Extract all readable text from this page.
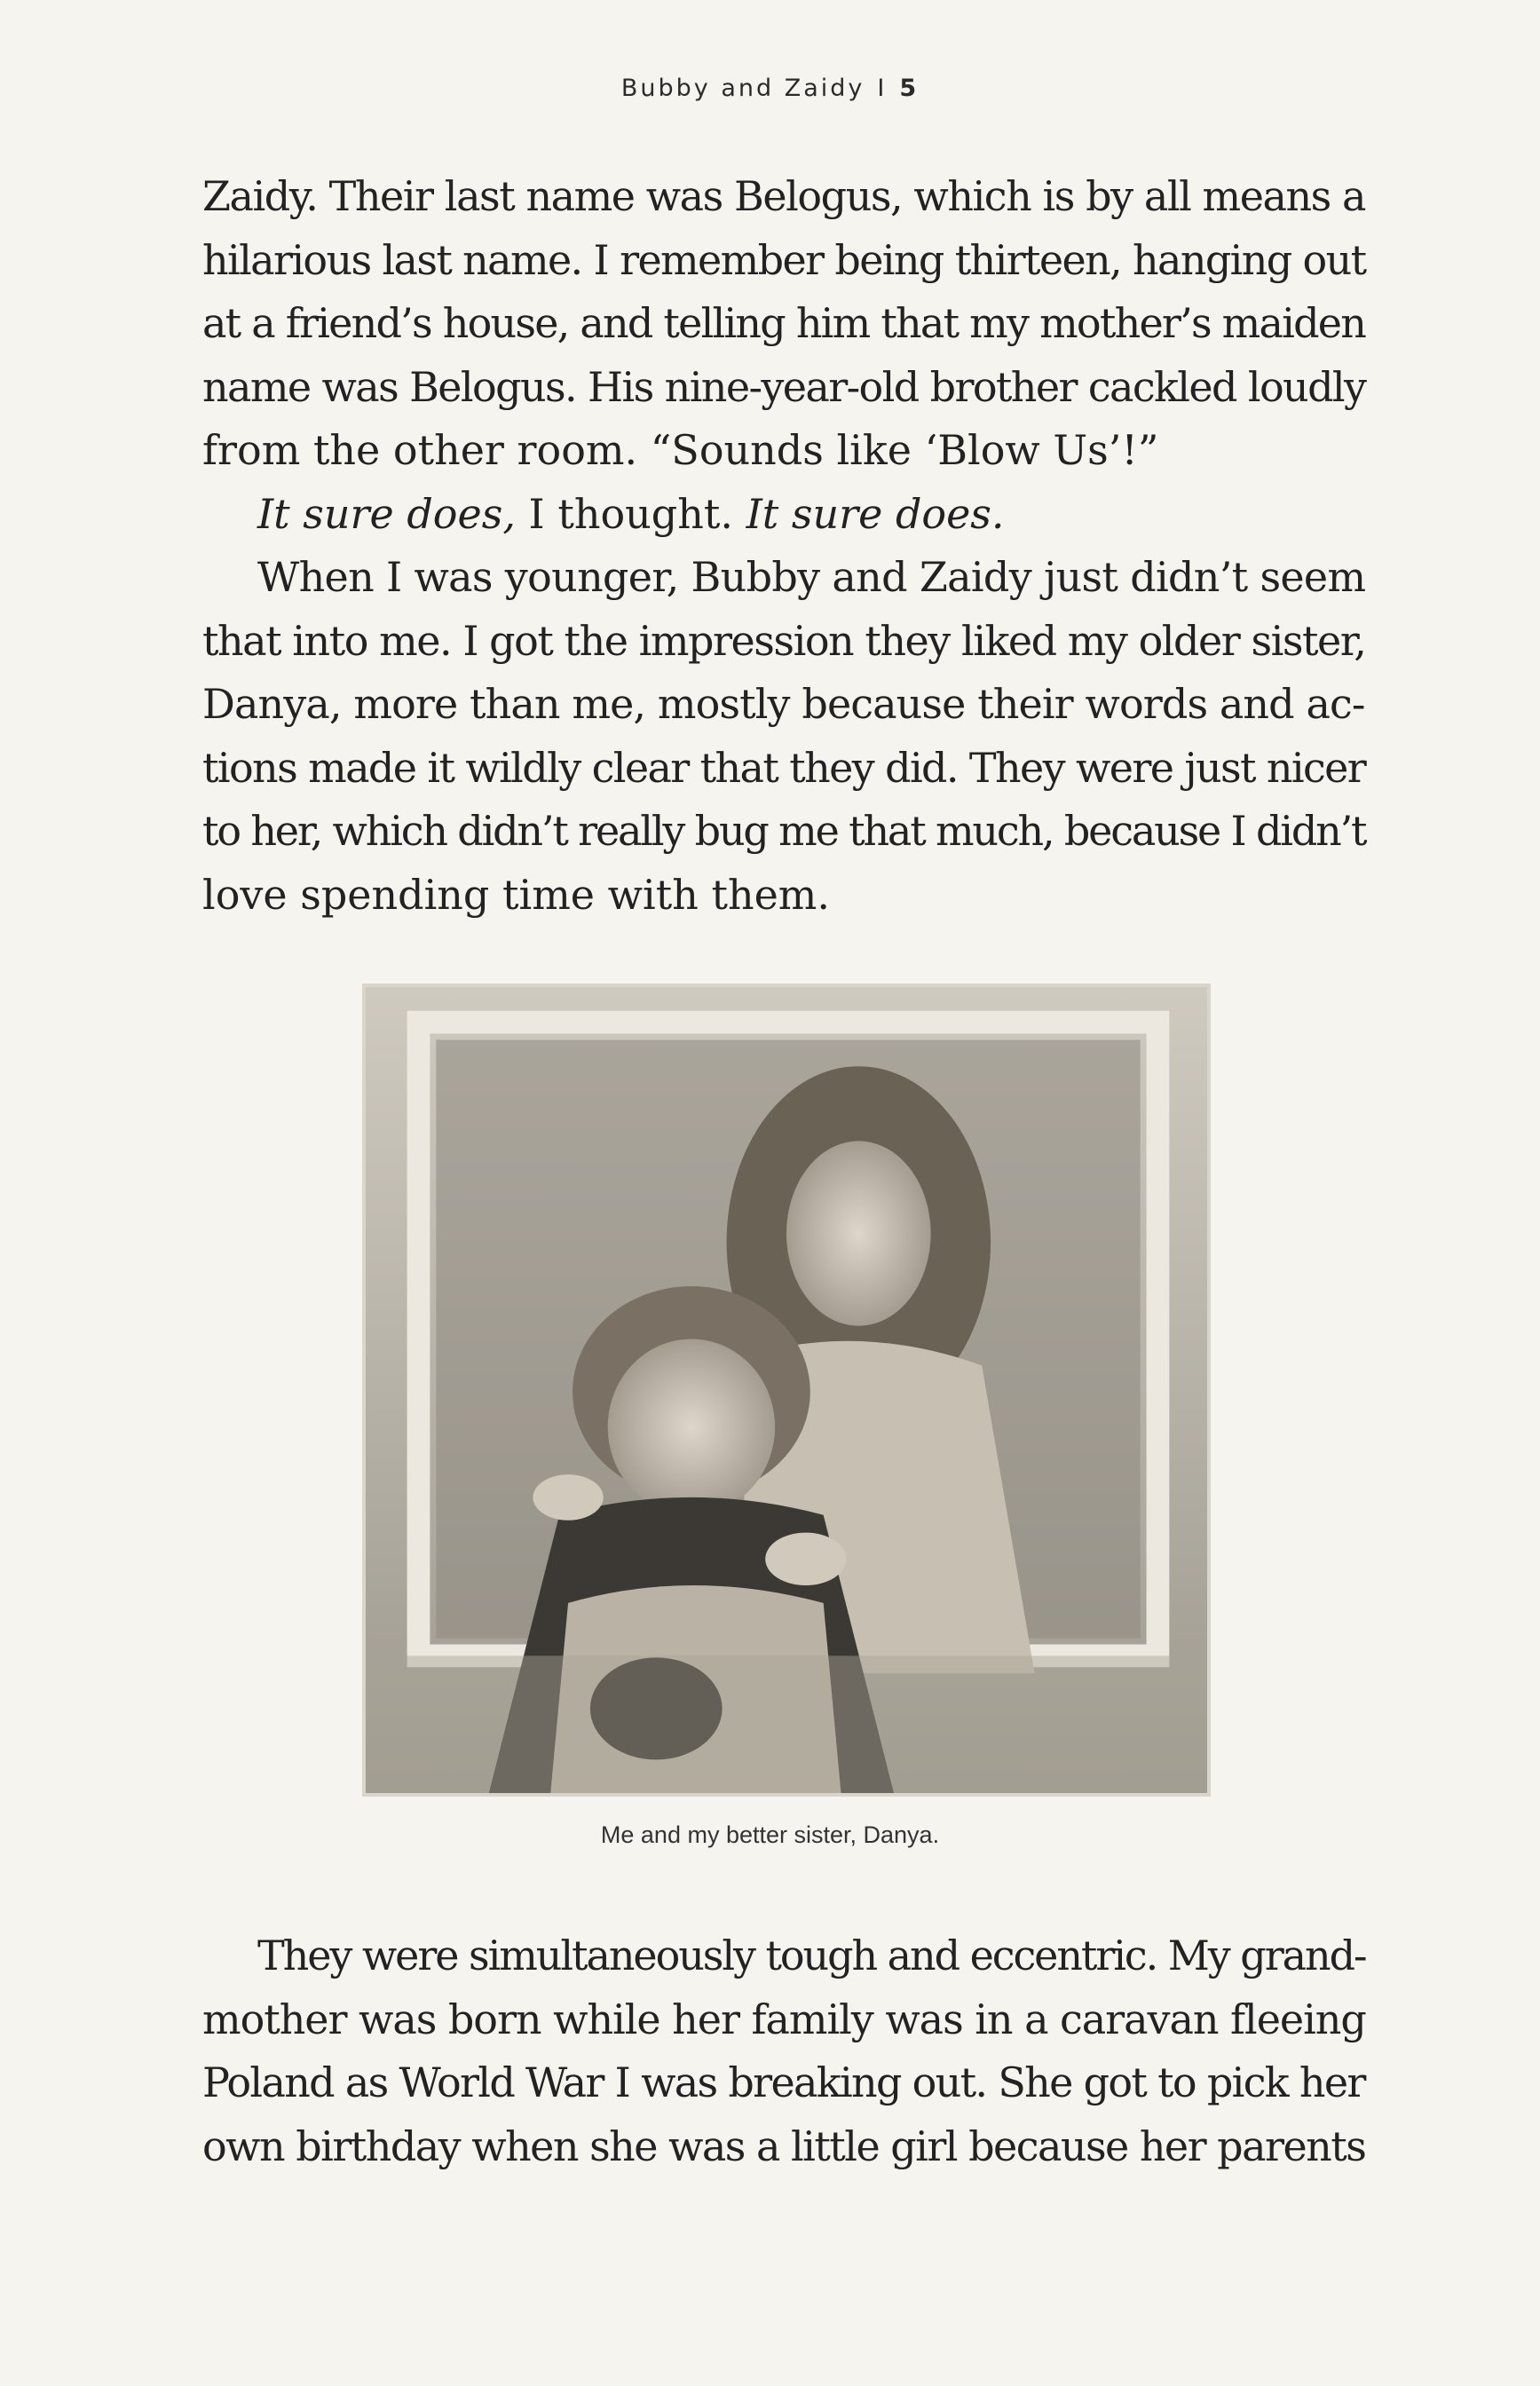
Bubby and Zaidy I 5

Zaidy. Their last name was Belogus, which is by all means a
hilarious last name. I remember being thirteen, hanging out
at a friend’s house, and telling him that my mother’s maiden
name was Belogus. His nine-year-old brother cackled loudly
from the other room. “Sounds like ‘Blow Us’!”

It sure does, I thought. It sure does.

When I was younger, Bubby and Zaidy just didn’t seem
that into me. I got the impression they liked my older sister,
Danya, more than me, mostly because their words and ac-
tions made it wildly clear that they did. They were just nicer
to her, which didn’t really bug me that much, because I didn’t
love spending time with them.

Me and my better sister, Danya.

They were simultaneously tough and eccentric. My grand-
mother was born while her family was in a caravan fleeing
Poland as World War I was breaking out. She got to pick her
own birthday when she was a little girl because her parents
